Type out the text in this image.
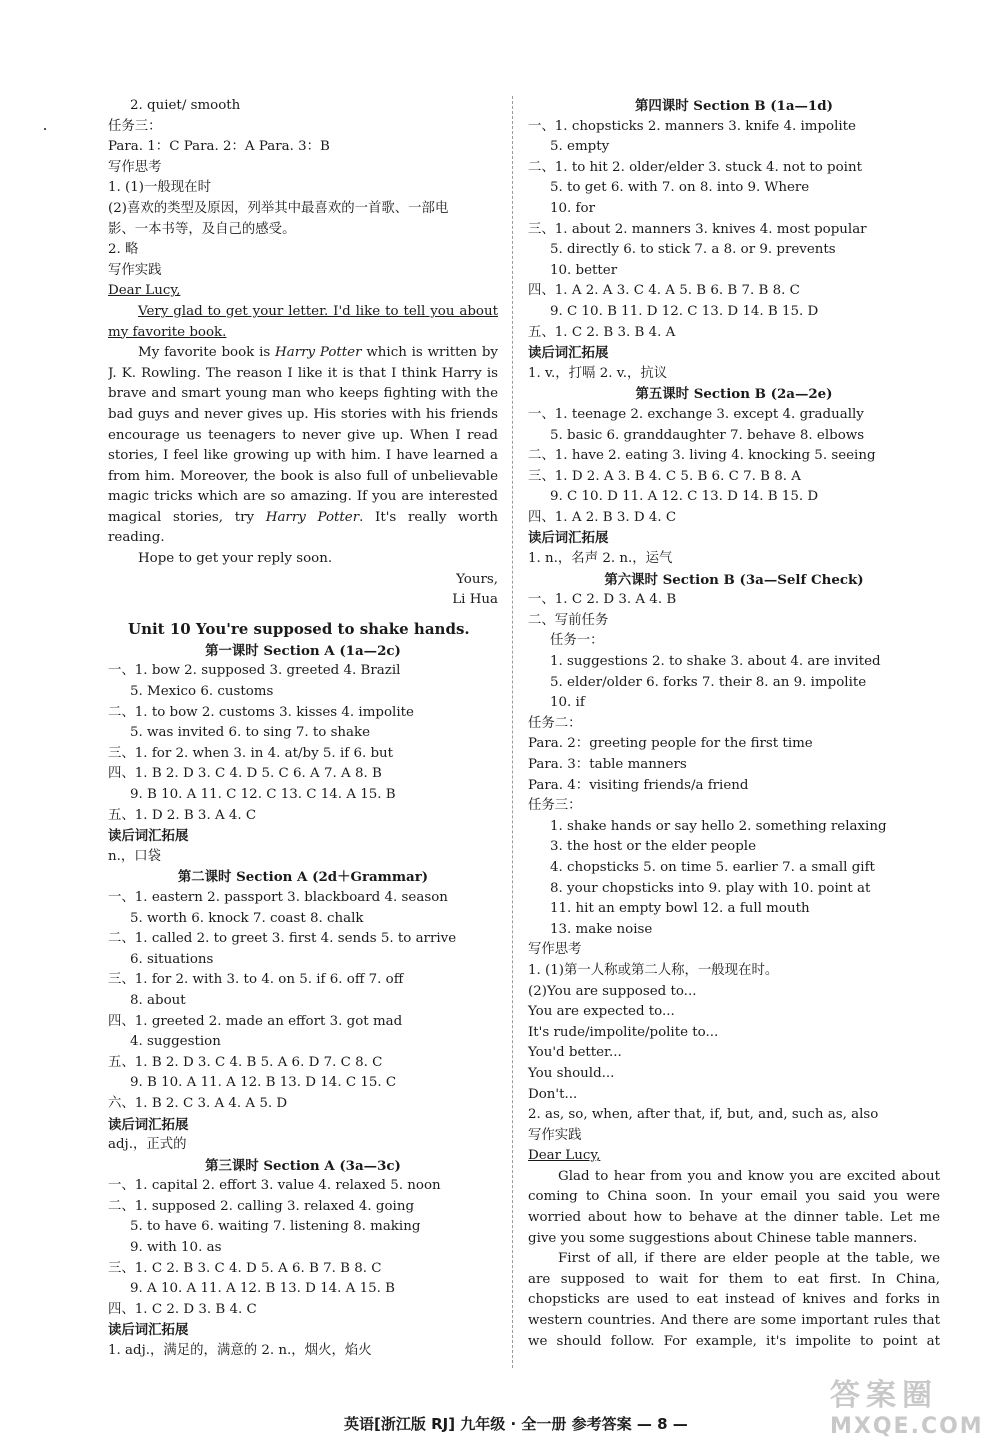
2. quiet/ smooth
任务三：
Para. 1：C Para. 2：A Para. 3：B
写作思考
1. (1)一般现在时
(2)喜欢的类型及原因，列举其中最喜欢的一首歌、一部电
影、一本书等，及自己的感受。
2. 略
写作实践
Dear Lucy,
Very glad to get your letter. I'd like to tell you about
my favorite book.
My favorite book is Harry Potter which is written by
J. K. Rowling. The reason I like it is that I think Harry is
brave and smart young man who keeps fighting with the
bad guys and never gives up. His stories with his friends
encourage us teenagers to never give up. When I read
stories, I feel like growing up with him. I have learned a
from him. Moreover, the book is also full of unbelievable
magic tricks which are so amazing. If you are interested
magical stories, try Harry Potter. It's really worth
reading.
Hope to get your reply soon.
Yours,
Li Hua
Unit 10 You're supposed to shake hands.
第一课时 Section A (1a—2c)
一、1. bow 2. supposed 3. greeted 4. Brazil
5. Mexico 6. customs
二、1. to bow 2. customs 3. kisses 4. impolite
5. was invited 6. to sing 7. to shake
三、1. for 2. when 3. in 4. at/by 5. if 6. but
四、1. B 2. D 3. C 4. D 5. C 6. A 7. A 8. B
9. B 10. A 11. C 12. C 13. C 14. A 15. B
五、1. D 2. B 3. A 4. C
读后词汇拓展
n.，口袋
第二课时 Section A (2d＋Grammar)
一、1. eastern 2. passport 3. blackboard 4. season
5. worth 6. knock 7. coast 8. chalk
二、1. called 2. to greet 3. first 4. sends 5. to arrive
6. situations
三、1. for 2. with 3. to 4. on 5. if 6. off 7. off
8. about
四、1. greeted 2. made an effort 3. got mad
4. suggestion
五、1. B 2. D 3. C 4. B 5. A 6. D 7. C 8. C
9. B 10. A 11. A 12. B 13. D 14. C 15. C
六、1. B 2. C 3. A 4. A 5. D
读后词汇拓展
adj.，正式的
第三课时 Section A (3a—3c)
一、1. capital 2. effort 3. value 4. relaxed 5. noon
二、1. supposed 2. calling 3. relaxed 4. going
5. to have 6. waiting 7. listening 8. making
9. with 10. as
三、1. C 2. B 3. C 4. D 5. A 6. B 7. B 8. C
9. A 10. A 11. A 12. B 13. D 14. A 15. B
四、1. C 2. D 3. B 4. C
读后词汇拓展
1. adj.，满足的，满意的 2. n.，烟火，焰火
第四课时 Section B (1a—1d)
一、1. chopsticks 2. manners 3. knife 4. impolite
5. empty
二、1. to hit 2. older/elder 3. stuck 4. not to point
5. to get 6. with 7. on 8. into 9. Where
10. for
三、1. about 2. manners 3. knives 4. most popular
5. directly 6. to stick 7. a 8. or 9. prevents
10. better
四、1. A 2. A 3. C 4. A 5. B 6. B 7. B 8. C
9. C 10. B 11. D 12. C 13. D 14. B 15. D
五、1. C 2. B 3. B 4. A
读后词汇拓展
1. v.，打嗝 2. v.，抗议
第五课时 Section B (2a—2e)
一、1. teenage 2. exchange 3. except 4. gradually
5. basic 6. granddaughter 7. behave 8. elbows
二、1. have 2. eating 3. living 4. knocking 5. seeing
三、1. D 2. A 3. B 4. C 5. B 6. C 7. B 8. A
9. C 10. D 11. A 12. C 13. D 14. B 15. D
四、1. A 2. B 3. D 4. C
读后词汇拓展
1. n.，名声 2. n.，运气
第六课时 Section B (3a—Self Check)
一、1. C 2. D 3. A 4. B
二、写前任务
任务一：
1. suggestions 2. to shake 3. about 4. are invited
5. elder/older 6. forks 7. their 8. an 9. impolite
10. if
任务二：
Para. 2：greeting people for the first time
Para. 3：table manners
Para. 4：visiting friends/a friend
任务三：
1. shake hands or say hello 2. something relaxing
3. the host or the elder people
4. chopsticks 5. on time 5. earlier 7. a small gift
8. your chopsticks into 9. play with 10. point at
11. hit an empty bowl 12. a full mouth
13. make noise
写作思考
1. (1)第一人称或第二人称，一般现在时。
(2)You are supposed to...
You are expected to...
It's rude/impolite/polite to...
You'd better...
You should...
Don't...
2. as, so, when, after that, if, but, and, such as, also
写作实践
Dear Lucy,
Glad to hear from you and know you are excited about
coming to China soon. In your email you said you were
worried about how to behave at the dinner table. Let me
give you some suggestions about Chinese table manners.
First of all, if there are elder people at the table, we
are supposed to wait for them to eat first. In China,
chopsticks are used to eat instead of knives and forks in
western countries. And there are some important rules that
we should follow. For example, it's impolite to point at
英语[浙江版 RJ] 九年级 · 全一册 参考答案 — 8 —
答案圈
MXQE.COM
